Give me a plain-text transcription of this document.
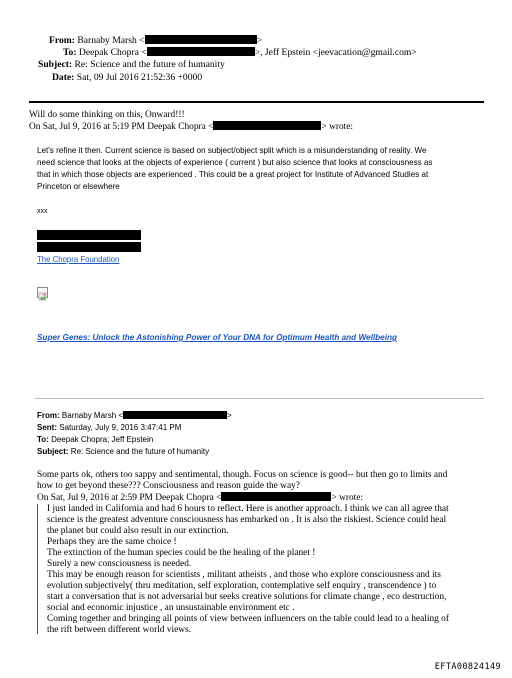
From: Barnaby Marsh <	>
To: Deepak Chopra <	>, Jeff Epstein <jeevacation@gmail.com>
Subject: Re: Science and the future of humanity
Date: Sat, 09 Jul 2016 21:52:36 +0000
Will do some thinking on this, Onward!!!
On Sat, Jul 9, 2016 at 5:19 PM Deepak Chopra <	> wrote:
Let's refine it then. Current science is based on subject/object split which is a misunderstanding of reality. We
need science that looks at the objects of experience ( current ) but also science that looks at consciousness as
that in which those objects are experienced . This could be a great project for Institute of Advanced Studies at
Princeton or elsewhere
xxx
The Chopra Foundation
Super Genes: Unlock the Astonishing Power of Your DNA for Optimum Health and Wellbeing
From: Barnaby Marsh <	>
Sent: Saturday, July 9, 2016 3:47:41 PM
To: Deepak Chopra; Jeff Epstein
Subject: Re: Science and the future of humanity
Some parts ok, others too sappy and sentimental, though. Focus on science is good-- but then go to limits and
how to get beyond these??? Consciousness and reason guide the way?
On Sat, Jul 9, 2016 at 2:59 PM Deepak Chopra <	> wrote:
I just landed in California and had 6 hours to reflect. Here is another approach. I think we can all agree that
science is the greatest adventure consciousness has embarked on . It is also the riskiest. Science could heal
the planet but could also result in our extinction.
Perhaps they are the same choice !
The extinction of the human species could be the healing of the planet !
Surely a new consciousness is needed.
This may be enough reason for scientists , militant atheists , and those who explore consciousness and its
evolution subjectively( thru meditation, self exploration, contemplative self enquiry , transcendence ) to
start a conversation that is not adversarial but seeks creative solutions for climate change , eco destruction,
social and economic injustice , an unsustainable environment etc .
Coming together and bringing all points of view between influencers on the table could lead to a healing of
the rift between different world views.
EFTA00824149
